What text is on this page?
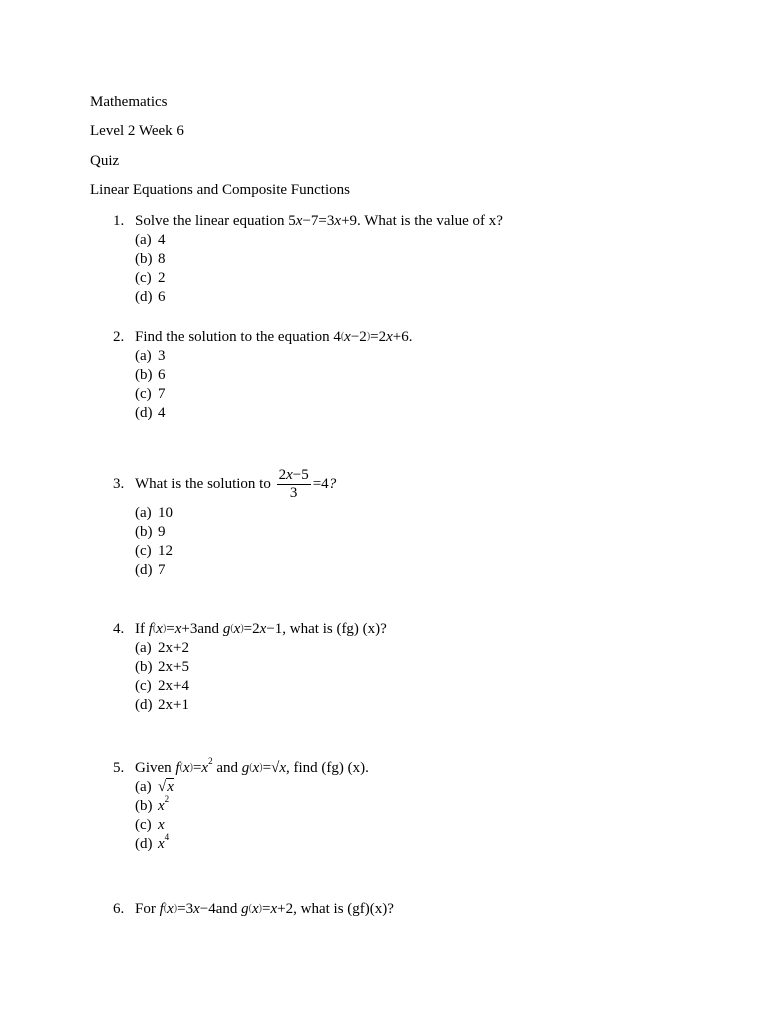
Mathematics
Level 2 Week 6
Quiz
Linear Equations and Composite Functions
1. Solve the linear equation 5x−7=3x+9. What is the value of x?
(a) 4
(b) 8
(c) 2
(d) 6
2. Find the solution to the equation 4(x−2)=2x+6.
(a) 3
(b) 6
(c) 7
(d) 4
3. What is the solution to $\frac{2x-5}{3} =4$?
(a) 10
(b) 9
(c) 12
(d) 7
4. If f(x)=x+3and g(x)=2x−1, what is (fg) (x)?
(a) 2x+2
(b) 2x+5
(c) 2x+4
(d) 2x+1
5. Given $f(x)=x^2$ and g(x)=√x, find (fg) (x).
(a) √x
(b) $x^2$
(c) x
(d) $x^4$
6. For f(x)=3x−4and g(x)=x+2, what is (gf)(x)?
